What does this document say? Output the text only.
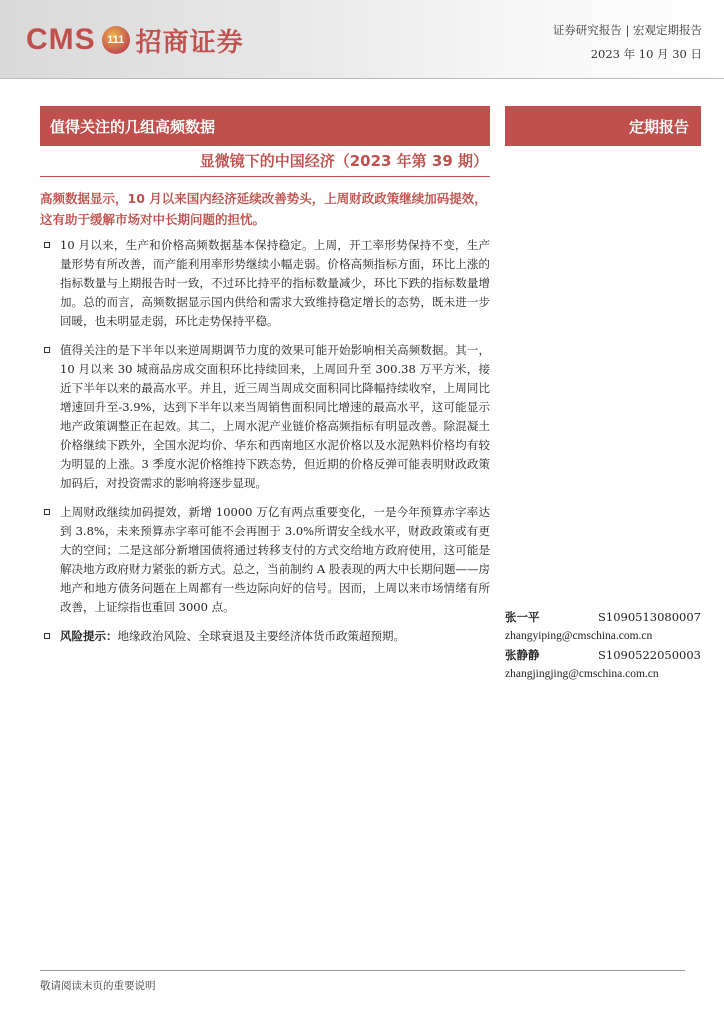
CMS 111 招商证券	证券研究报告 | 宏观定期报告
2023 年 10 月 30 日
值得关注的几组高频数据	定期报告
显微镜下的中国经济（2023 年第 39 期）
高频数据显示，10 月以来国内经济延续改善势头，上周财政政策继续加码提效，这有助于缓解市场对中长期问题的担忧。
10 月以来，生产和价格高频数据基本保持稳定。上周，开工率形势保持不变，生产量形势有所改善，而产能利用率形势继续小幅走弱。价格高频指标方面，环比上涨的指标数量与上期报告时一致，不过环比持平的指标数量减少，环比下跌的指标数量增加。总的而言，高频数据显示国内供给和需求大致维持稳定增长的态势，既未进一步回暖，也未明显走弱，环比走势保持平稳。
值得关注的是下半年以来逆周期调节力度的效果可能开始影响相关高频数据。其一，10 月以来 30 城商品房成交面积环比持续回来，上周回升至 300.38 万平方米，接近下半年以来的最高水平。并且，近三周当周成交面积同比降幅持续收窄，上周同比增速回升至-3.9%，达到下半年以来当周销售面积同比增速的最高水平，这可能显示地产政策调整正在起效。其二，上周水泥产业链价格高频指标有明显改善。除混凝土价格继续下跌外，全国水泥均价、华东和西南地区水泥价格以及水泥熟料价格均有较为明显的上涨。3 季度水泥价格维持下跌态势，但近期的价格反弹可能表明财政政策加码后，对投资需求的影响将逐步显现。
上周财政继续加码提效，新增 10000 万亿有两点重要变化，一是今年预算赤字率达到 3.8%，未来预算赤字率可能不会再囿于 3.0%所谓安全线水平，财政政策或有更大的空间；二是这部分新增国债将通过转移支付的方式交给地方政府使用，这可能是解决地方政府财力紧张的新方式。总之，当前制约 A 股表现的两大中长期问题——房地产和地方债务问题在上周都有一些边际向好的信号。因而，上周以来市场情绪有所改善，上证综指也重回 3000 点。
风险提示：地缘政治风险、全球衰退及主要经济体货币政策超预期。
张一平	S1090513080007
zhangyiping@cmschina.com.cn
张静静	S1090522050003
zhangjingjing@cmschina.com.cn
敬请阅读末页的重要说明
